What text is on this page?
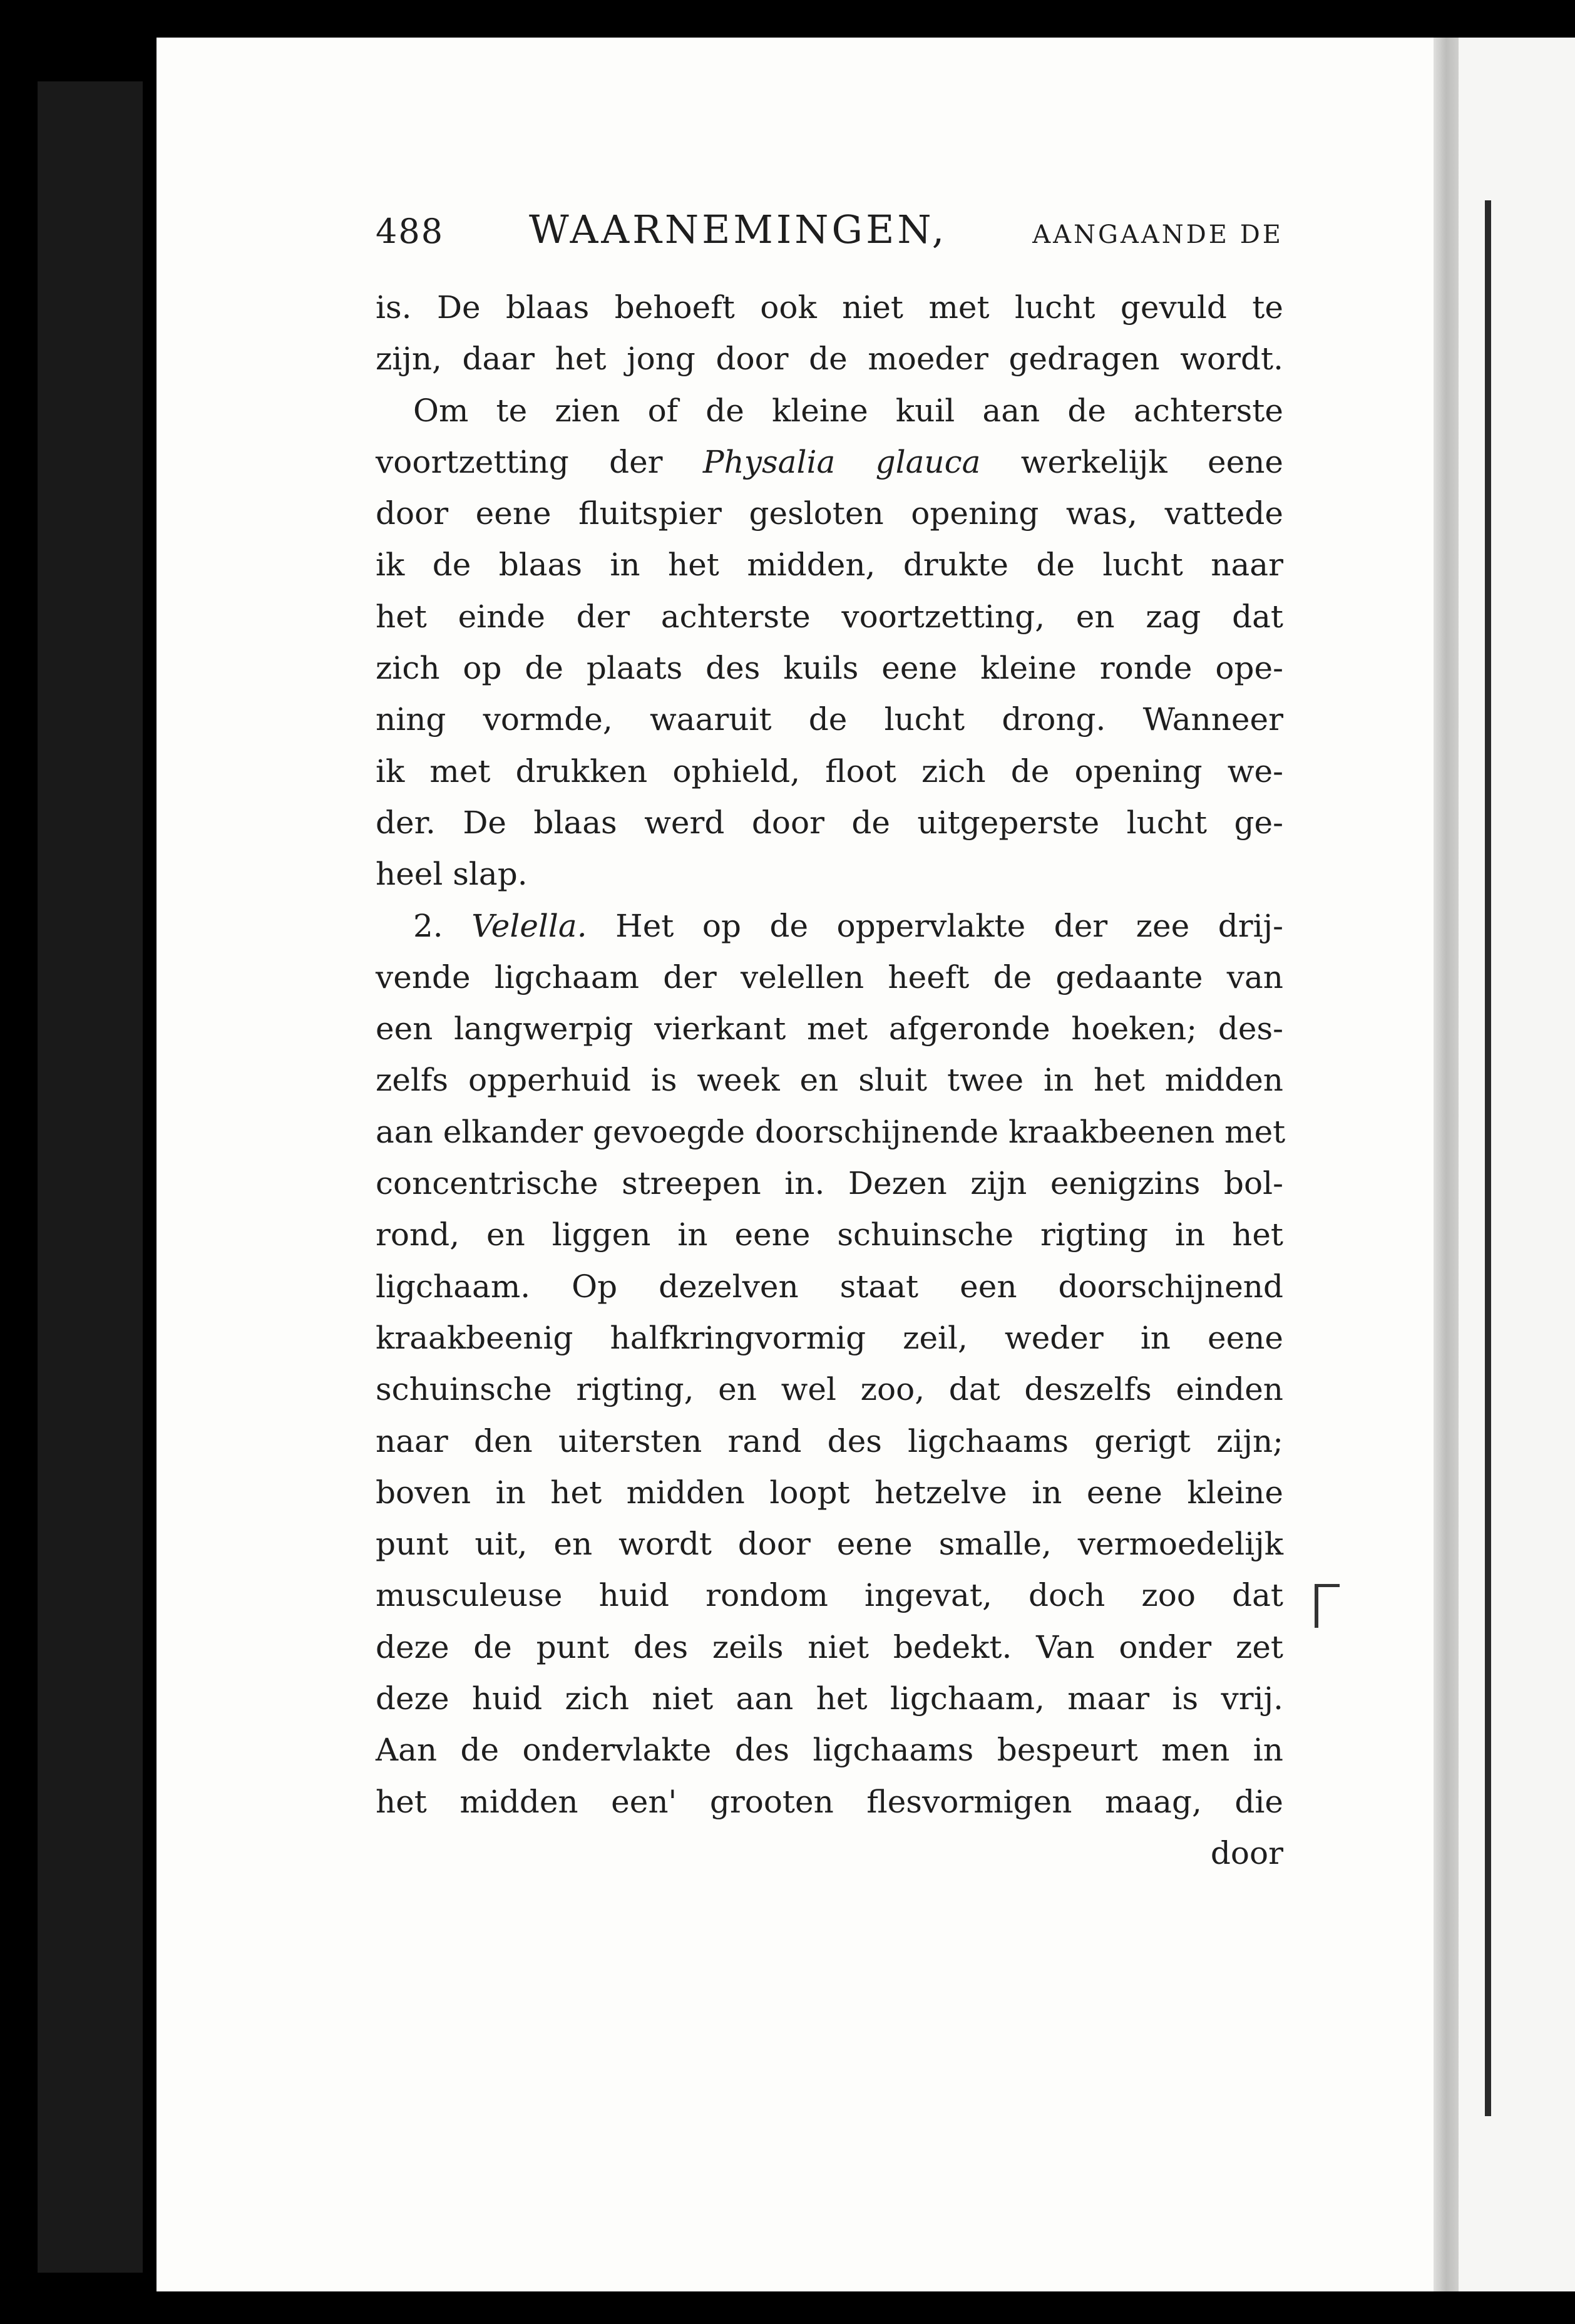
488 WAARNEMINGEN,	AANGAANDE DE
is. De blaas behoeft ook niet met lucht gevuld te
zijn, daar het jong door de moeder gedragen wordt.
Om te zien of de kleine kuil aan de achterste
voortzetting der Physalia glauca werkelijk eene
door eene fluitspier gesloten opening was, vattede
ik de blaas in het midden, drukte de lucht naar
het einde der achterste voortzetting, en zag dat
zich op de plaats des kuils eene kleine ronde ope-
ning vormde, waaruit de lucht drong. Wanneer
ik met drukken ophield, floot zich de opening we-
der. De blaas werd door de uitgeperste lucht ge-
heel slap.
2. Velella. Het op de oppervlakte der zee drij-
vende ligchaam der velellen heeft de gedaante van
een langwerpig vierkant met afgeronde hoeken; des-
zelfs opperhuid is week en sluit twee in het midden
aan elkander gevoegde doorschijnende kraakbeenen met
concentrische streepen in. Dezen zijn eenigzins bol-
rond, en liggen in eene schuinsche rigting in het
ligchaam. Op dezelven staat een doorschijnend
kraakbeenig halfkringvormig zeil, weder in eene
schuinsche rigting, en wel zoo, dat deszelfs einden
naar den uitersten rand des ligchaams gerigt zijn;
boven in het midden loopt hetzelve in eene kleine
punt uit, en wordt door eene smalle, vermoedelijk
musculeuse huid rondom ingevat, doch zoo dat
deze de punt des zeils niet bedekt. Van onder zet
deze huid zich niet aan het ligchaam, maar is vrij.
Aan de ondervlakte des ligchaams bespeurt men in
het midden een' grooten flesvormigen maag, die
door
